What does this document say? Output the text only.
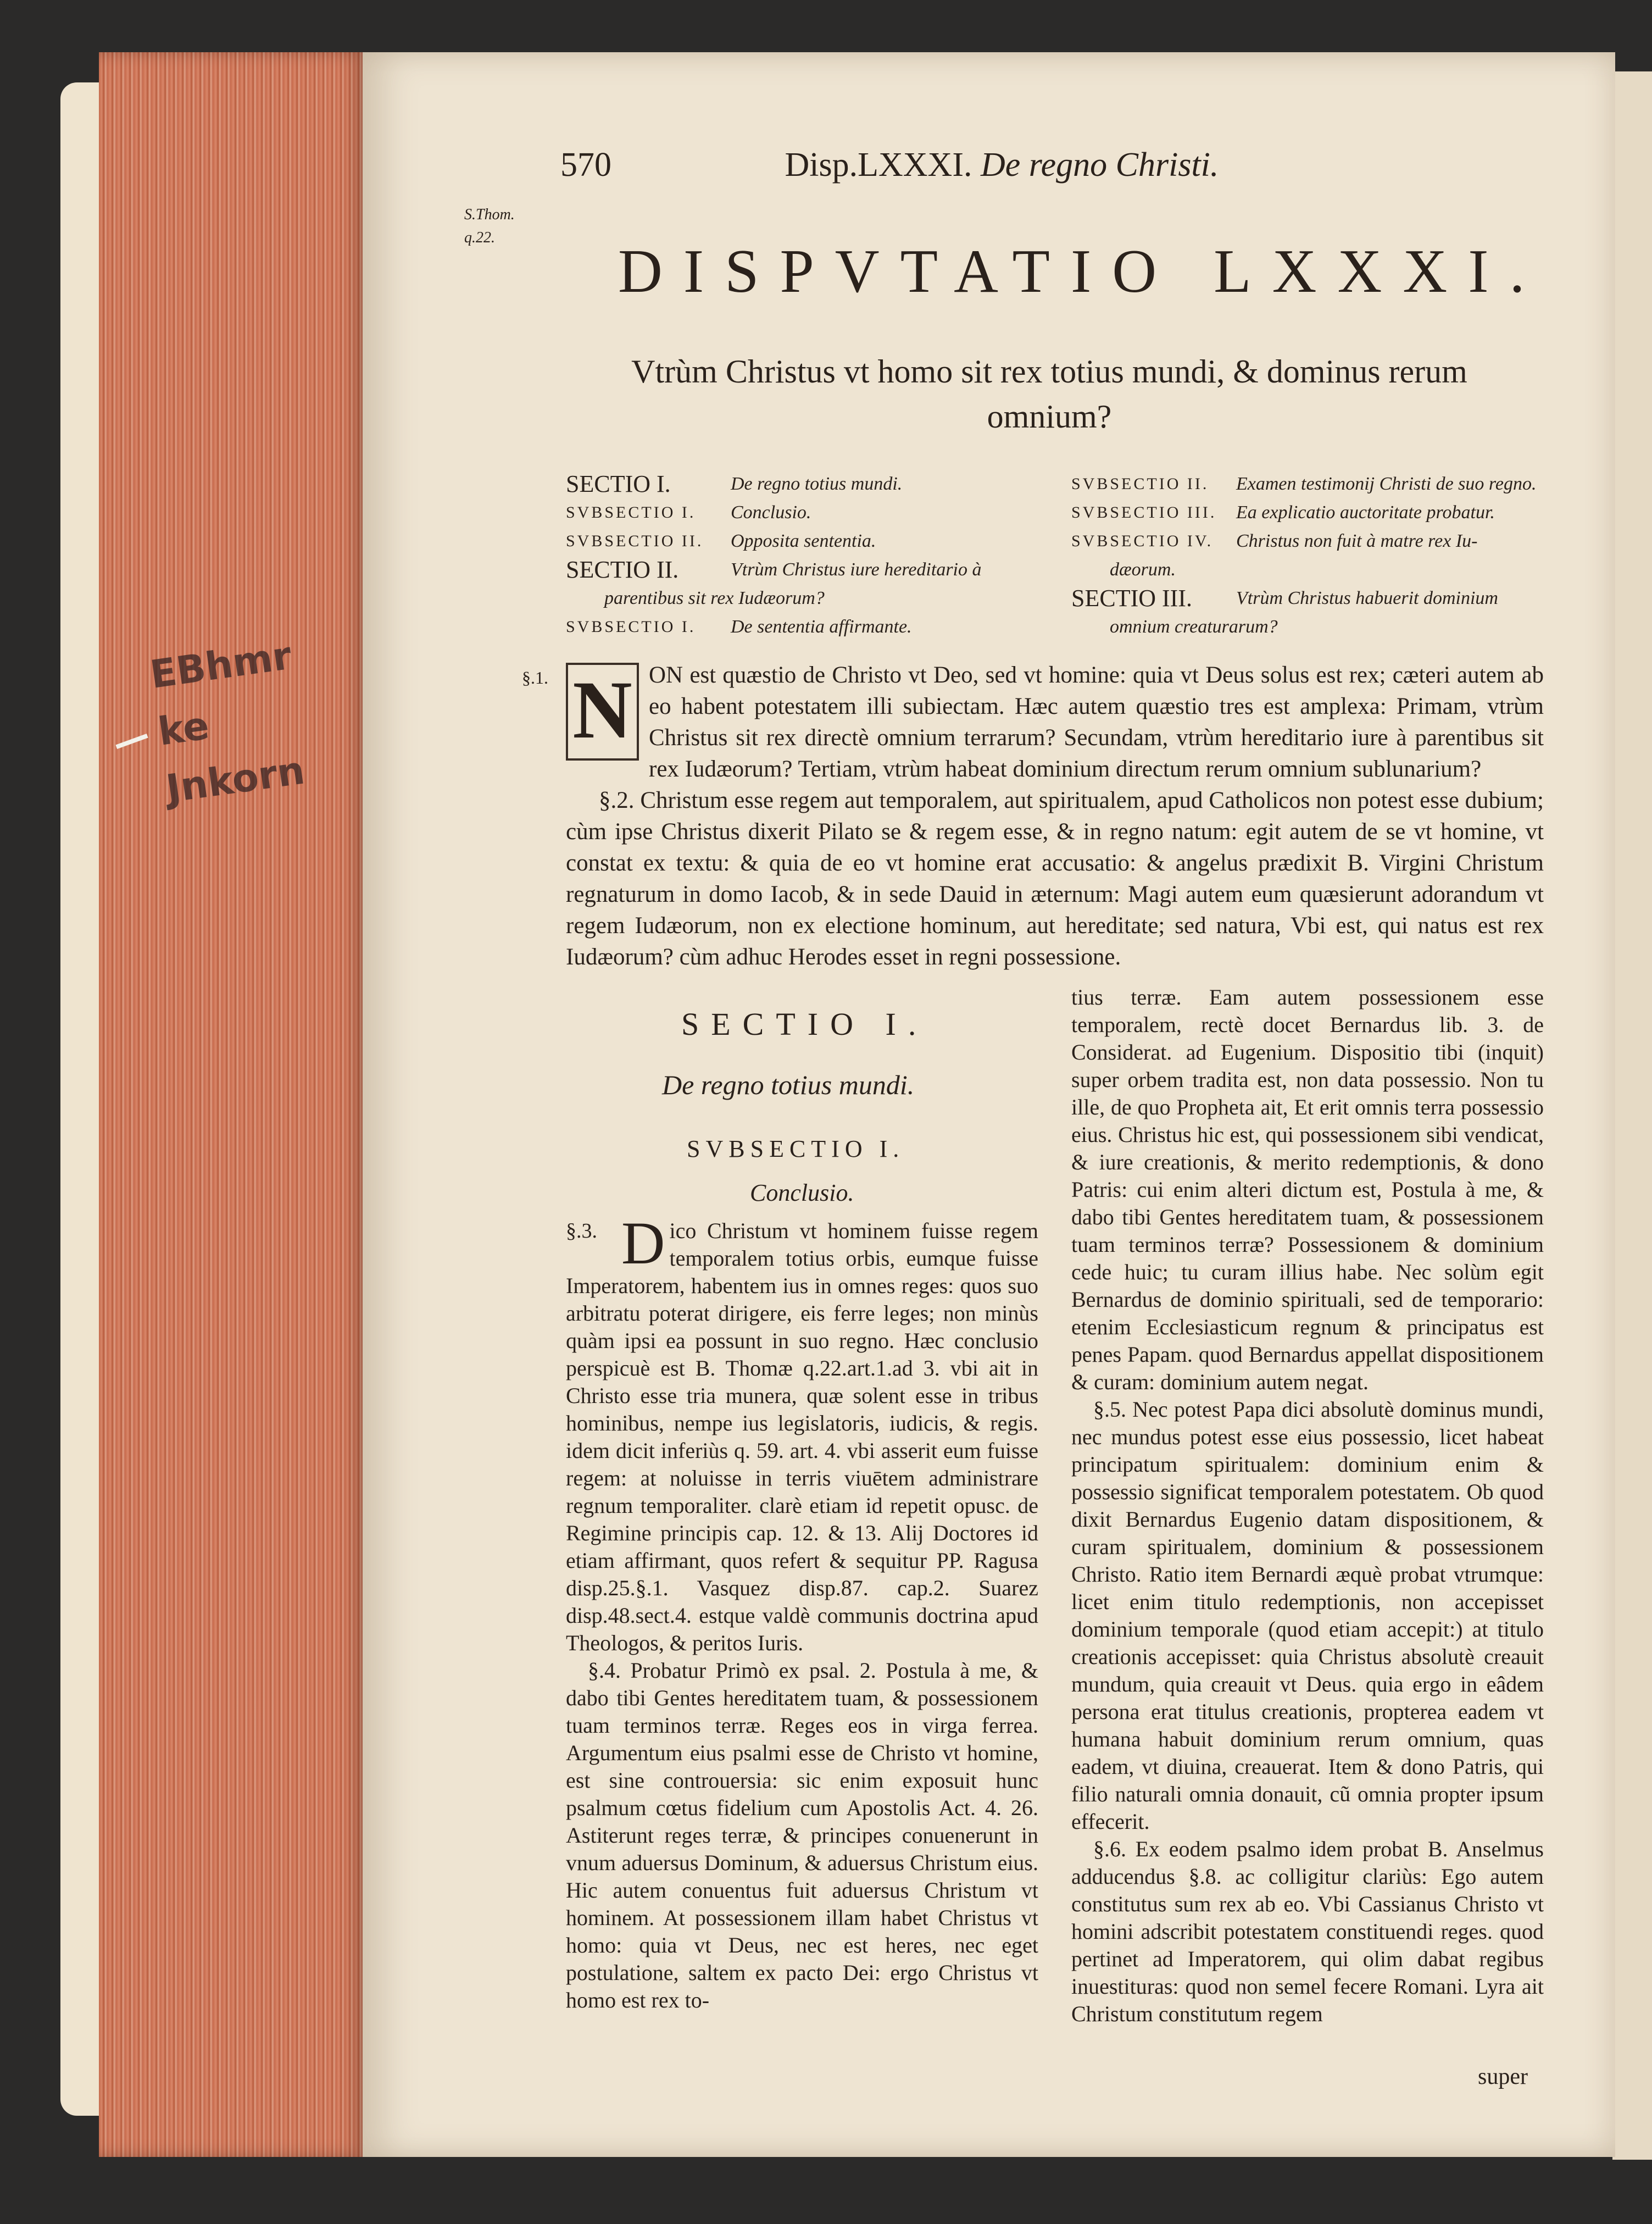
EBhmr
ke
Jnkorn
570	Disp.LXXXI. De regno Christi.
S.Thom.
q.22.	DISPVTATIO LXXXI.
Vtrùm Christus vt homo sit rex totius mundi, & dominus rerum omnium?
SECTIO I.	De regno totius mundi.
SVBSECTIO I.	Conclusio.
SVBSECTIO II.	Opposita sententia.
SECTIO II.	Vtrùm Christus iure hereditario à
parentibus sit rex Iudæorum?
SVBSECTIO I.	De sententia affirmante.
SVBSECTIO II.	Examen testimonij Christi de suo regno.
SVBSECTIO III.	Ea explicatio auctoritate probatur.
SVBSECTIO IV.	Christus non fuit à matre rex Iu-
dæorum.
SECTIO III.	Vtrùm Christus habuerit dominium
omnium creaturarum?
§.1. N ON est quæstio de Christo vt Deo, sed vt homine: quia vt Deus solus est rex; cæteri autem ab eo habent potestatem illi subiectam. Hæc autem quæstio tres est amplexa: Primam, vtrùm Christus sit rex directè omnium terrarum? Secundam, vtrùm hereditario iure à parentibus sit rex Iudæorum? Tertiam, vtrùm habeat dominium directum rerum omnium sublunarium?

§.2. Christum esse regem aut temporalem, aut spiritualem, apud Catholicos non potest esse dubium; cùm ipse Christus dixerit Pilato se & regem esse, & in regno natum: egit autem de se vt homine, vt constat ex textu: & quia de eo vt homine erat accusatio: & angelus prædixit B. Virgini Christum regnaturum in domo Iacob, & in sede Dauid in æternum: Magi autem eum quæsierunt adorandum vt regem Iudæorum, non ex electione hominum, aut hereditate; sed natura, Vbi est, qui natus est rex Iudæorum? cùm adhuc Herodes esset in regni possessione.

SECTIO I.
De regno totius mundi.
SVBSECTIO I.
Conclusio.
§.3. D ico Christum vt hominem fuisse regem temporalem totius orbis, eumque fuisse Imperatorem, habentem ius in omnes reges: quos suo arbitratu poterat dirigere, eis ferre leges; non minùs quàm ipsi ea possunt in suo regno. Hæc conclusio perspicuè est B. Thomæ q.22.art.1.ad 3. vbi ait in Christo esse tria munera, quæ solent esse in tribus hominibus, nempe ius legislatoris, iudicis, & regis. idem dicit inferiùs q. 59. art. 4. vbi asserit eum fuisse regem: at noluisse in terris viuētem administrare regnum temporaliter. clarè etiam id repetit opusc. de Regimine principis cap. 12. & 13. Alij Doctores id etiam affirmant, quos refert & sequitur PP. Ragusa disp.25.§.1. Vasquez disp.87. cap.2. Suarez disp.48.sect.4. estque valdè communis doctrina apud Theologos, & peritos Iuris.

§.4. Probatur Primò ex psal. 2. Postula à me, & dabo tibi Gentes hereditatem tuam, & possessionem tuam terminos terræ. Reges eos in virga ferrea. Argumentum eius psalmi esse de Christo vt homine, est sine controuersia: sic enim exposuit hunc psalmum cœtus fidelium cum Apostolis Act. 4. 26. Astiterunt reges terræ, & principes conuenerunt in vnum aduersus Dominum, & aduersus Christum eius. Hic autem conuentus fuit aduersus Christum vt hominem. At possessionem illam habet Christus vt homo: quia vt Deus, nec est heres, nec eget postulatione, saltem ex pacto Dei: ergo Christus vt homo est rex to-

tius terræ. Eam autem possessionem esse temporalem, rectè docet Bernardus lib. 3. de Considerat. ad Eugenium. Dispositio tibi (inquit) super orbem tradita est, non data possessio. Non tu ille, de quo Propheta ait, Et erit omnis terra possessio eius. Christus hic est, qui possessionem sibi vendicat, & iure creationis, & merito redemptionis, & dono Patris: cui enim alteri dictum est, Postula à me, & dabo tibi Gentes hereditatem tuam, & possessionem tuam terminos terræ? Possessionem & dominium cede huic; tu curam illius habe. Nec solùm egit Bernardus de dominio spirituali, sed de temporario: etenim Ecclesiasticum regnum & principatus est penes Papam. quod Bernardus appellat dispositionem & curam: dominium autem negat.

§.5. Nec potest Papa dici absolutè dominus mundi, nec mundus potest esse eius possessio, licet habeat principatum spiritualem: dominium enim & possessio significat temporalem potestatem. Ob quod dixit Bernardus Eugenio datam dispositionem, & curam spiritualem, dominium & possessionem Christo. Ratio item Bernardi æquè probat vtrumque: licet enim titulo redemptionis, non accepisset dominium temporale (quod etiam accepit:) at titulo creationis accepisset: quia Christus absolutè creauit mundum, quia creauit vt Deus. quia ergo in eâdem persona erat titulus creationis, propterea eadem vt humana habuit dominium rerum omnium, quas eadem, vt diuina, creauerat. Item & dono Patris, qui filio naturali omnia donauit, cũ omnia propter ipsum effecerit.

§.6. Ex eodem psalmo idem probat B. Anselmus adducendus §.8. ac colligitur clariùs: Ego autem constitutus sum rex ab eo. Vbi Cassianus Christo vt homini adscribit potestatem constituendi reges. quod pertinet ad Imperatorem, qui olim dabat regibus inuestituras: quod non semel fecere Romani. Lyra ait Christum constitutum regem

super
